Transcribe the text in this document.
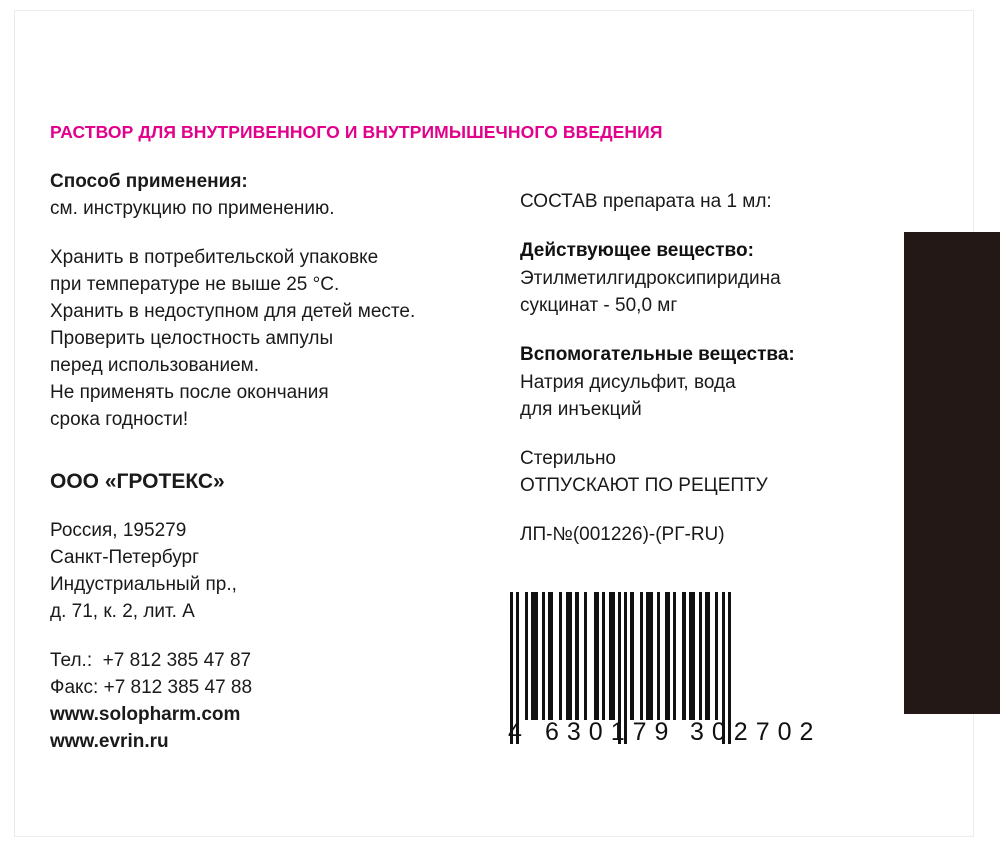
РАСТВОР ДЛЯ ВНУТРИВЕННОГО И ВНУТРИМЫШЕЧНОГО ВВЕДЕНИЯ
Способ применения:
см. инструкцию по применению.
Хранить в потребительской упаковке
при температуре не выше 25 °C.
Хранить в недоступном для детей месте.
Проверить целостность ампулы
перед использованием.
Не применять после окончания
срока годности!
ООО «ГРОТЕКС»
Россия, 195279
Санкт-Петербург
Индустриальный пр.,
д. 71, к. 2, лит. А
Тел.:  +7 812 385 47 87
Факс: +7 812 385 47 88
www.solopharm.com
www.evrin.ru
СОСТАВ препарата на 1 мл:
Действующее вещество:
Этилметилгидроксипиридина
сукцинат - 50,0 мг
Вспомогательные вещества:
Натрия дисульфит, вода
для инъекций
Стерильно
ОТПУСКАЮТ ПО РЕЦЕПТУ
ЛП-№(001226)-(РГ-RU)
4 630179 302702
